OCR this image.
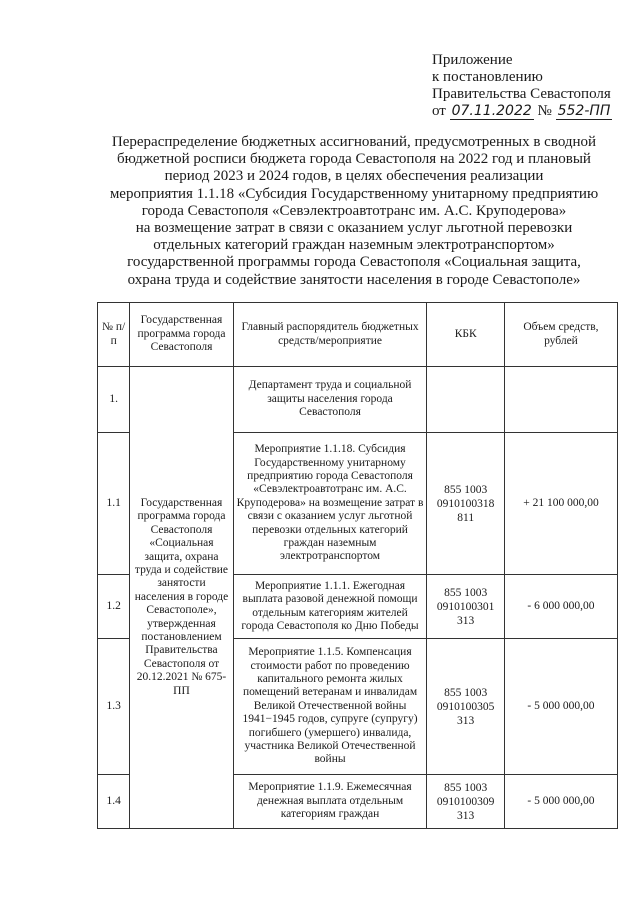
Приложение
к постановлению
Правительства Севастополя
от 07.11.2022 № 552-ПП
Перераспределение бюджетных ассигнований, предусмотренных в сводной
бюджетной росписи бюджета города Севастополя на 2022 год и плановый
период 2023 и 2024 годов, в целях обеспечения реализации
мероприятия 1.1.18 «Субсидия Государственному унитарному предприятию
города Севастополя «Севэлектроавтотранс им. А.С. Круподерова»
на возмещение затрат в связи с оказанием услуг льготной перевозки
отдельных категорий граждан наземным электротранспортом»
государственной программы города Севастополя «Социальная защита,
охрана труда и содействие занятости населения в городе Севастополе»
№ п/п	Государственная программа города Севастополя	Главный распорядитель бюджетных средств/мероприятие	КБК	Объем средств, рублей
1.	Государственная программа города Севастополя «Социальная защита, охрана труда и содействие занятости населения в городе Севастополе», утвержденная постановлением Правительства Севастополя от 20.12.2021 № 675-ПП	Департамент труда и социальной защиты населения города Севастополя		
1.1		Мероприятие 1.1.18. Субсидия Государственному унитарному предприятию города Севастополя «Севэлектроавтотранс им. А.С. Круподерова» на возмещение затрат в связи с оказанием услуг льготной перевозки отдельных категорий граждан наземным электротранспортом	855 1003 0910100318 811	+ 21 100 000,00
1.2		Мероприятие 1.1.1. Ежегодная выплата разовой денежной помощи отдельным категориям жителей города Севастополя ко Дню Победы	855 1003 0910100301 313	- 6 000 000,00
1.3		Мероприятие 1.1.5. Компенсация стоимости работ по проведению капитального ремонта жилых помещений ветеранам и инвалидам Великой Отечественной войны 1941−1945 годов, супруге (супругу) погибшего (умершего) инвалида, участника Великой Отечественной войны	855 1003 0910100305 313	- 5 000 000,00
1.4		Мероприятие 1.1.9. Ежемесячная денежная выплата отдельным категориям граждан	855 1003 0910100309 313	- 5 000 000,00
